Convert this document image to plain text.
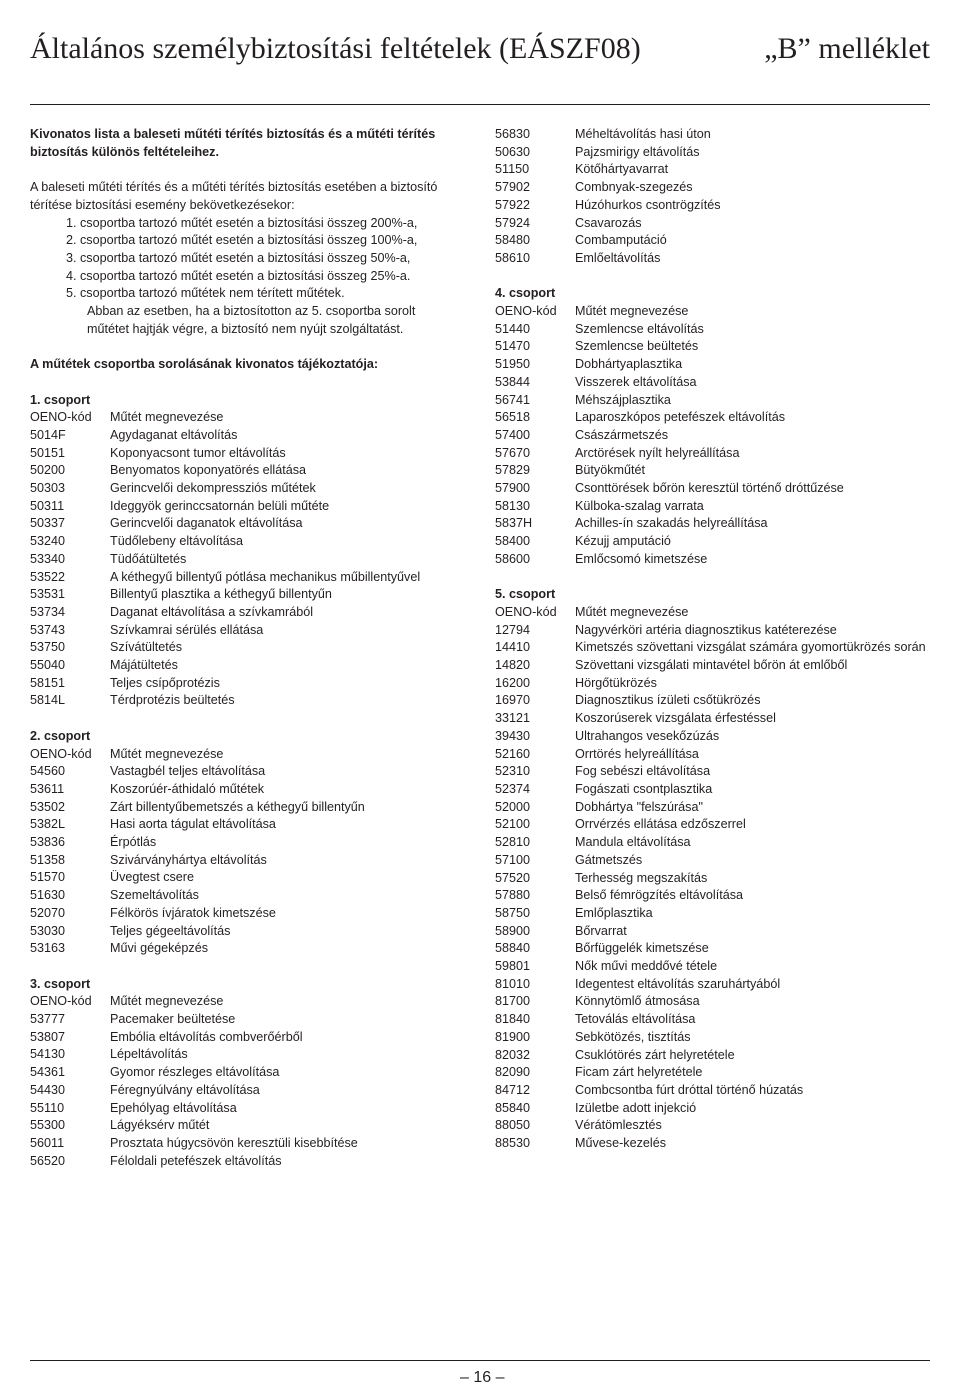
Általános személybiztosítási feltételek (EÁSZF08)	„B” melléklet

Kivonatos lista a baleseti műtéti térítés biztosítás és a műtéti térítés biztosítás különös feltételeihez.

A baleseti műtéti térítés és a műtéti térítés biztosítás esetében a biztosító térítése biztosítási esemény bekövetkezésekor:

1. csoportba tartozó műtét esetén a biztosítási összeg 200%-a,
2. csoportba tartozó műtét esetén a biztosítási összeg 100%-a,
3. csoportba tartozó műtét esetén a biztosítási összeg 50%-a,
4. csoportba tartozó műtét esetén a biztosítási összeg 25%-a.
5. csoportba tartozó műtétek nem térített műtétek.

Abban az esetben, ha a biztosítotton az 5. csoportba sorolt műtétet hajtják végre, a biztosító nem nyújt szolgáltatást.

A műtétek csoportba sorolásának kivonatos tájékoztatója:

1. csoport
OENO-kód	Műtét megnevezése
5014F	Agydaganat eltávolítás
50151	Koponyacsont tumor eltávolítás
50200	Benyomatos koponyatörés ellátása
50303	Gerincvelői dekompressziós műtétek
50311	Ideggyök gerinccsatornán belüli műtéte
50337	Gerincvelői daganatok eltávolítása
53240	Tüdőlebeny eltávolítása
53340	Tüdőátültetés
53522	A kéthegyű billentyű pótlása mechanikus műbillentyűvel
53531	Billentyű plasztika a kéthegyű billentyűn
53734	Daganat eltávolítása a szívkamrából
53743	Szívkamrai sérülés ellátása
53750	Szívátültetés
55040	Májátültetés
58151	Teljes csípőprotézis
5814L	Térdprotézis beültetés
2. csoport
OENO-kód	Műtét megnevezése
54560	Vastagbél teljes eltávolítása
53611	Koszorúér-áthidaló műtétek
53502	Zárt billentyűbemetszés a kéthegyű billentyűn
5382L	Hasi aorta tágulat eltávolítása
53836	Érpótlás
51358	Szivárványhártya eltávolítás
51570	Üvegtest csere
51630	Szemeltávolítás
52070	Félkörös ívjáratok kimetszése
53030	Teljes gégeeltávolítás
53163	Művi gégeképzés
3. csoport
OENO-kód	Műtét megnevezése
53777	Pacemaker beültetése
53807	Embólia eltávolítás combverőérből
54130	Lépeltávolítás
54361	Gyomor részleges eltávolítása
54430	Féregnyúlvány eltávolítása
55110	Epehólyag eltávolítása
55300	Lágyéksérv műtét
56011	Prosztata húgycsövön keresztüli kisebbítése
56520	Féloldali petefészek eltávolítás
56830	Méheltávolítás hasi úton
50630	Pajzsmirigy eltávolítás
51150	Kötőhártyavarrat
57902	Combnyak-szegezés
57922	Húzóhurkos csontrögzítés
57924	Csavarozás
58480	Combamputáció
58610	Emlőeltávolítás
4. csoport
OENO-kód	Műtét megnevezése
51440	Szemlencse eltávolítás
51470	Szemlencse beültetés
51950	Dobhártyaplasztika
53844	Visszerek eltávolítása
56741	Méhszájplasztika
56518	Laparoszkópos petefészek eltávolítás
57400	Császármetszés
57670	Arctörések nyílt helyreállítása
57829	Bütyökműtét
57900	Csonttörések bőrön keresztül történő dróttűzése
58130	Külboka-szalag varrata
5837H	Achilles-ín szakadás helyreállítása
58400	Kézujj amputáció
58600	Emlőcsomó kimetszése
5. csoport
OENO-kód	Műtét megnevezése
12794	Nagyvérköri artéria diagnosztikus katéterezése
14410	Kimetszés szövettani vizsgálat számára gyomortükrözés során
14820	Szövettani vizsgálati mintavétel bőrön át emlőből
16200	Hörgőtükrözés
16970	Diagnosztikus ízületi csőtükrözés
33121	Koszorúserek vizsgálata érfestéssel
39430	Ultrahangos vesekőzúzás
52160	Orrtörés helyreállítása
52310	Fog sebészi eltávolítása
52374	Fogászati csontplasztika
52000	Dobhártya "felszúrása"
52100	Orrvérzés ellátása edzőszerrel
52810	Mandula eltávolítása
57100	Gátmetszés
57520	Terhesség megszakítás
57880	Belső fémrögzítés eltávolítása
58750	Emlőplasztika
58900	Bőrvarrat
58840	Bőrfüggelék kimetszése
59801	Nők művi meddővé tétele
81010	Idegentest eltávolítás szaruhártyából
81700	Könnytömlő átmosása
81840	Tetoválás eltávolítása
81900	Sebkötözés, tisztítás
82032	Csuklótörés zárt helyretétele
82090	Ficam zárt helyretétele
84712	Combcsontba fúrt dróttal történő húzatás
85840	Izületbe adott injekció
88050	Vérátömlesztés
88530	Művese-kezelés
– 16 –
